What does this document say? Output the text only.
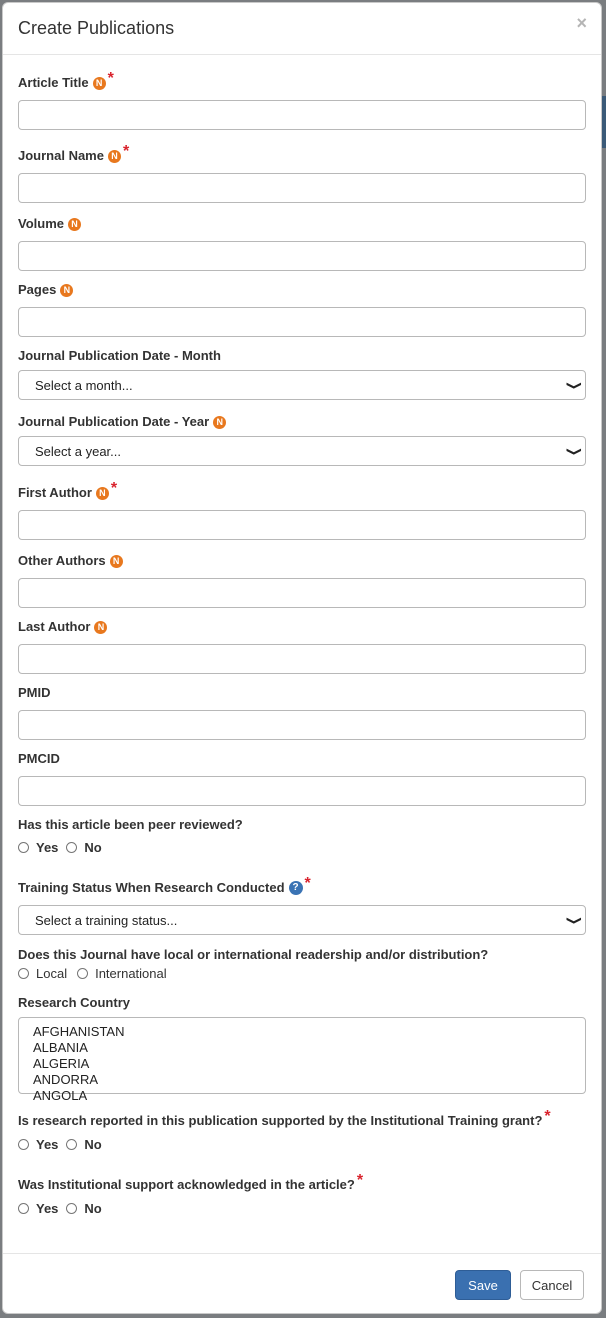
Create Publications	×
Article Title N *
Journal Name N *
Volume N
Pages N
Journal Publication Date - Month
Select a month...	❯
Journal Publication Date - Year N
Select a year...	❯
First Author N *
Other Authors N
Last Author N
PMID
PMCID
Has this article been peer reviewed?
Yes No
Training Status When Research Conducted ? *
Select a training status...	❯
Does this Journal have local or international readership and/or distribution?
Local International
Research Country
AFGHANISTAN
ALBANIA
ALGERIA
ANDORRA
ANGOLA
Is research reported in this publication supported by the Institutional Training grant? *
Yes No
Was Institutional support acknowledged in the article? *
Yes No
Save	Cancel
